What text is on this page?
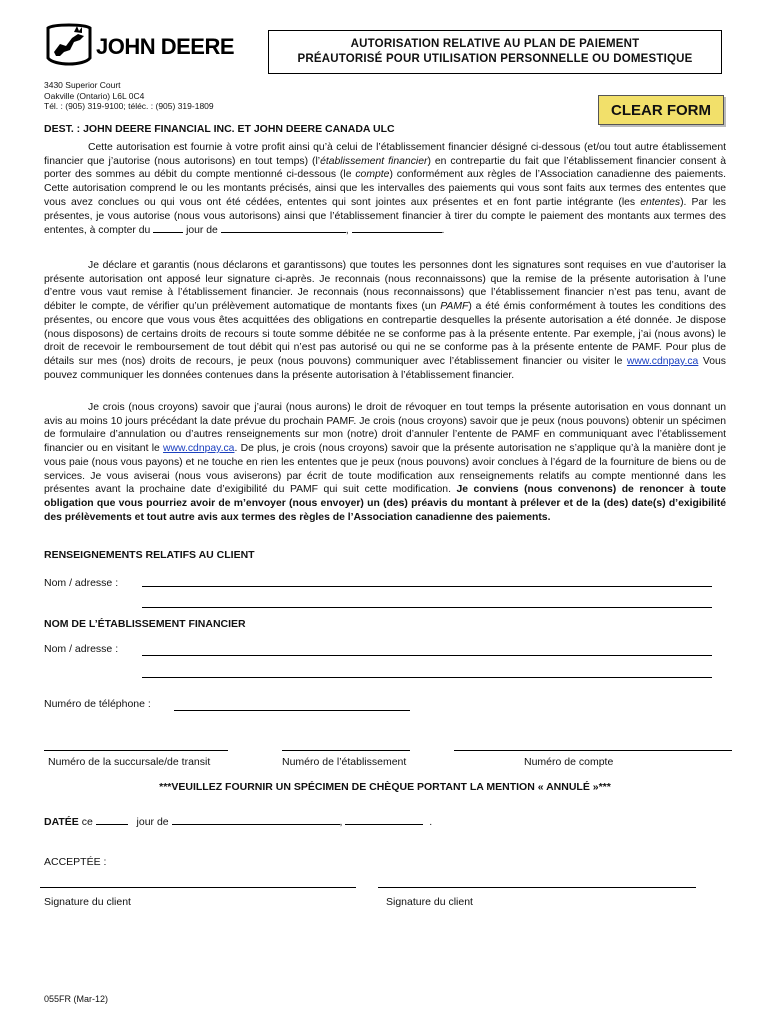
JOHN DEERE	AUTORISATION RELATIVE AU PLAN DE PAIEMENT
PRÉAUTORISÉ POUR UTILISATION PERSONNELLE OU DOMESTIQUE
3430 Superior Court
Oakville (Ontario) L6L 0C4
Tél. : (905) 319-9100; téléc. : (905) 319-1809	CLEAR FORM
DEST. : JOHN DEERE FINANCIAL INC. ET JOHN DEERE CANADA ULC
Cette autorisation est fournie à votre profit ainsi qu’à celui de l’établissement financier désigné ci-dessous (et/ou tout autre établissement financier que j’autorise (nous autorisons) en tout temps) (l’établissement financier) en contrepartie du fait que l’établissement financier consent à porter des sommes au débit du compte mentionné ci-dessous (le compte) conformément aux règles de l’Association canadienne des paiements. Cette autorisation comprend le ou les montants précisés, ainsi que les intervalles des paiements qui vous sont faits aux termes des ententes que vous avez conclues ou qui vous ont été cédées, ententes qui sont jointes aux présentes et en font partie intégrante (les ententes). Par les présentes, je vous autorise (nous vous autorisons) ainsi que l’établissement financier à tirer du compte le paiement des montants aux termes des ententes, à compter du	jour de	,	.
Je déclare et garantis (nous déclarons et garantissons) que toutes les personnes dont les signatures sont requises en vue d’autoriser la présente autorisation ont apposé leur signature ci-après. Je reconnais (nous reconnaissons) que la remise de la présente autorisation à l’une d’entre vous vaut remise à l’établissement financier. Je reconnais (nous reconnaissons) que l’établissement financier n’est pas tenu, avant de débiter le compte, de vérifier qu’un prélèvement automatique de montants fixes (un PAMF) a été émis conformément à toutes les conditions des présentes, ou encore que vous vous êtes acquittées des obligations en contrepartie desquelles la présente autorisation a été donnée. Je dispose (nous disposons) de certains droits de recours si toute somme débitée ne se conforme pas à la présente entente. Par exemple, j’ai (nous avons) le droit de recevoir le remboursement de tout débit qui n’est pas autorisé ou qui ne se conforme pas à la présente entente de PAMF. Pour plus de détails sur mes (nos) droits de recours, je peux (nous pouvons) communiquer avec l’établissement financier ou visiter le www.cdnpay.ca Vous pouvez communiquer les données contenues dans la présente autorisation à l’établissement financier.
Je crois (nous croyons) savoir que j’aurai (nous aurons) le droit de révoquer en tout temps la présente autorisation en vous donnant un avis au moins 10 jours précédant la date prévue du prochain PAMF. Je crois (nous croyons) savoir que je peux (nous pouvons) obtenir un spécimen de formulaire d’annulation ou d’autres renseignements sur mon (notre) droit d’annuler l’entente de PAMF en communiquant avec l’établissement financier ou en visitant le www.cdnpay.ca. De plus, je crois (nous croyons) savoir que la présente autorisation ne s’applique qu’à la manière dont je vous paie (nous vous payons) et ne touche en rien les ententes que je peux (nous pouvons) avoir conclues à l’égard de la fourniture de biens ou de services. Je vous aviserai (nous vous aviserons) par écrit de toute modification aux renseignements relatifs au compte mentionné dans les présentes avant la prochaine date d’exigibilité du PAMF qui suit cette modification. Je conviens (nous convenons) de renoncer à toute obligation que vous pourriez avoir de m’envoyer (nous envoyer) un (des) préavis du montant à prélever et de la (des) date(s) d’exigibilité des prélèvements et tout autre avis aux termes des règles de l’Association canadienne des paiements.
RENSEIGNEMENTS RELATIFS AU CLIENT
Nom / adresse :
NOM DE L’ÉTABLISSEMENT FINANCIER
Nom / adresse :
Numéro de téléphone :
Numéro de la succursale/de transit	Numéro de l’établissement	Numéro de compte
***VEUILLEZ FOURNIR UN SPÉCIMEN DE CHÈQUE PORTANT LA MENTION « ANNULÉ »***
DATÉE ce	jour de	,	.
ACCEPTÉE :
Signature du client	Signature du client
055FR (Mar-12)
